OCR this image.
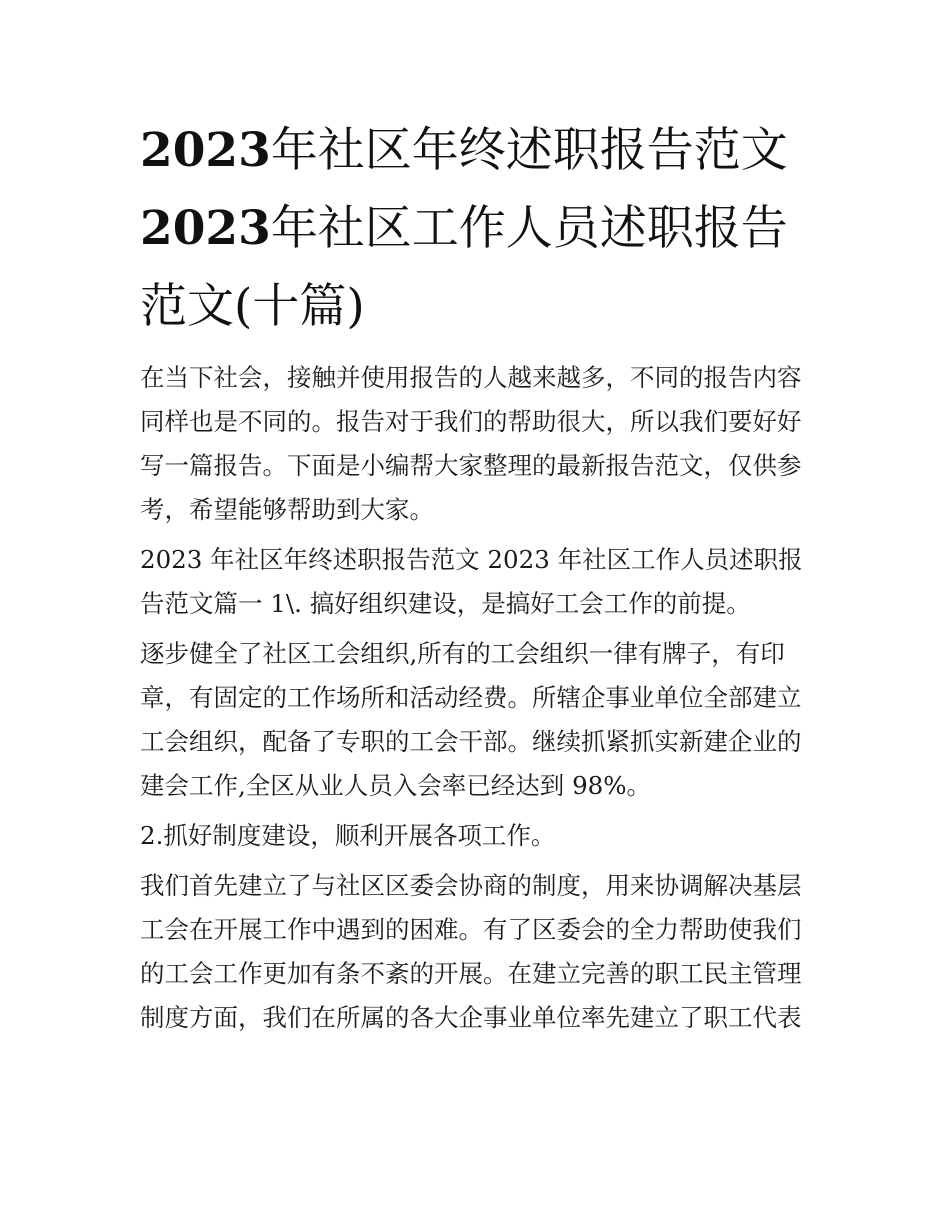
2023年社区年终述职报告范文
2023年社区工作人员述职报告
范文(十篇)

在当下社会，接触并使用报告的人越来越多，不同的报告内容同样也是不同的。报告对于我们的帮助很大，所以我们要好好写一篇报告。下面是小编帮大家整理的最新报告范文，仅供参考，希望能够帮助到大家。

2023 年社区年终述职报告范文 2023 年社区工作人员述职报告范文篇一 1\. 搞好组织建设，是搞好工会工作的前提。

逐步健全了社区工会组织,所有的工会组织一律有牌子，有印章，有固定的工作场所和活动经费。所辖企事业单位全部建立工会组织，配备了专职的工会干部。继续抓紧抓实新建企业的建会工作,全区从业人员入会率已经达到 98%。

2.抓好制度建设，顺利开展各项工作。

我们首先建立了与社区区委会协商的制度，用来协调解决基层工会在开展工作中遇到的困难。有了区委会的全力帮助使我们的工会工作更加有条不紊的开展。在建立完善的职工民主管理制度方面，我们在所属的各大企事业单位率先建立了职工代表
